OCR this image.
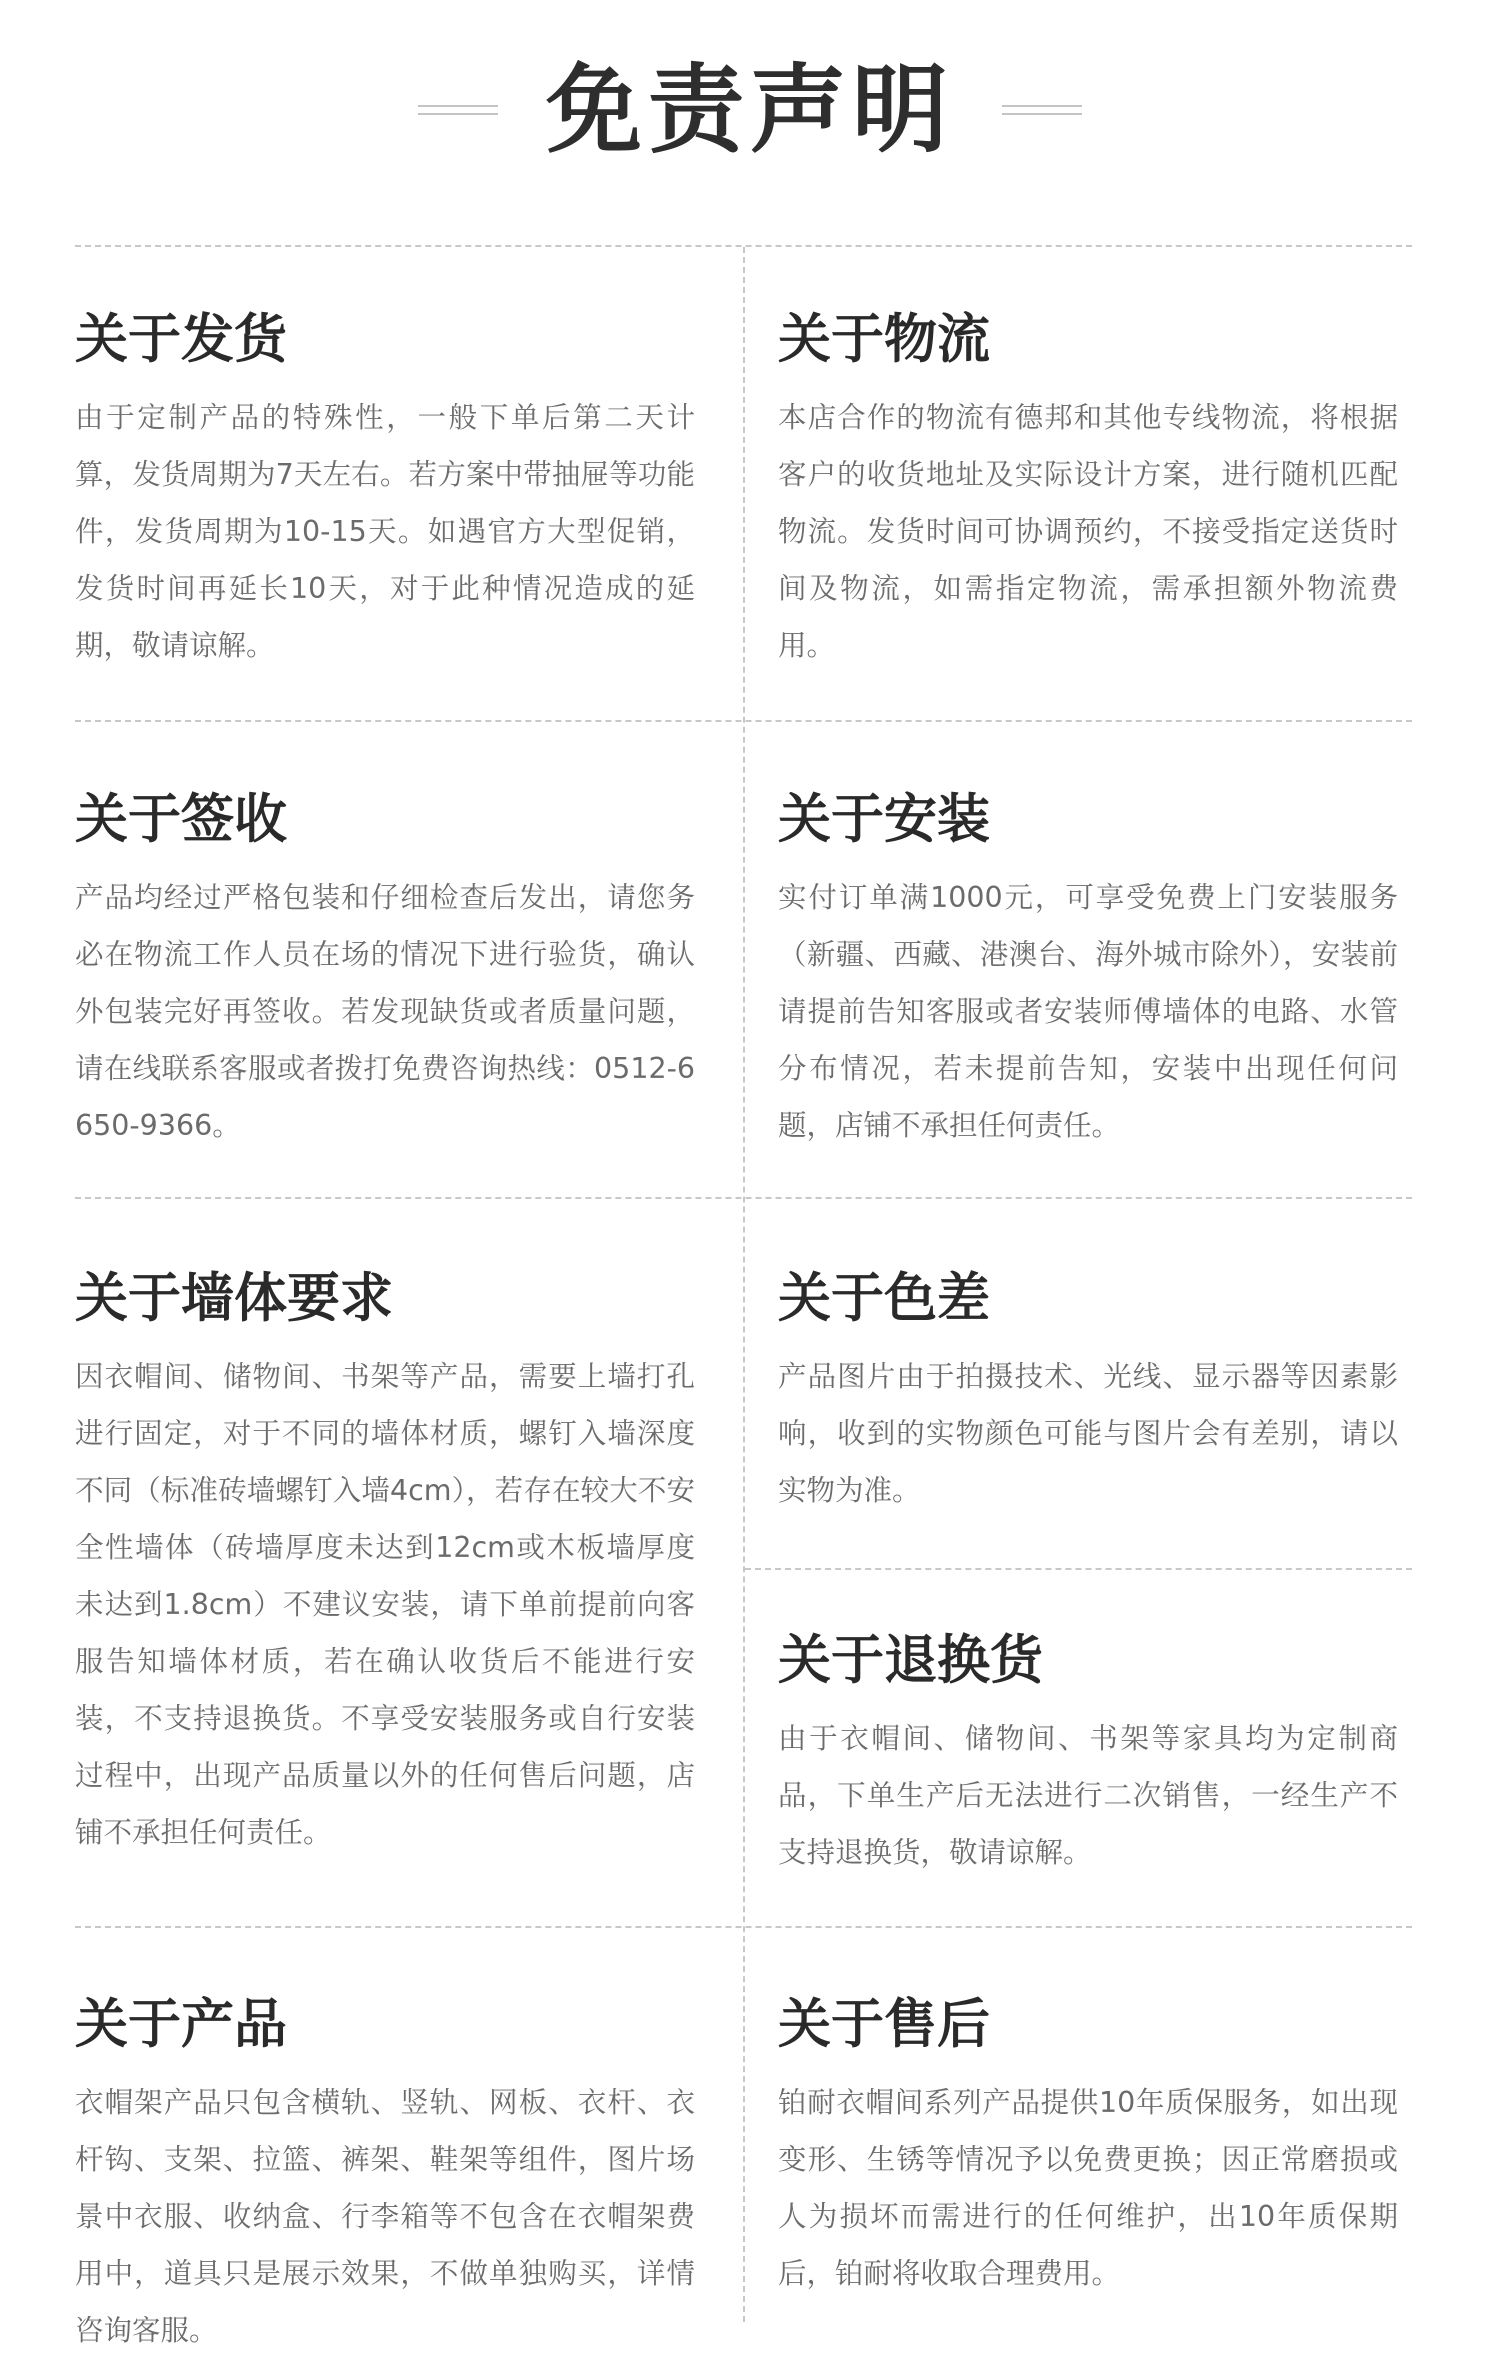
免责声明
关于发货

由于定制产品的特殊性，一般下单后第二天计算，发货周期为7天左右。若方案中带抽屉等功能件，发货周期为10-15天。如遇官方大型促销，发货时间再延长10天，对于此种情况造成的延期，敬请谅解。

关于物流

本店合作的物流有德邦和其他专线物流，将根据客户的收货地址及实际设计方案，进行随机匹配物流。发货时间可协调预约，不接受指定送货时间及物流，如需指定物流，需承担额外物流费用。

关于签收

产品均经过严格包装和仔细检查后发出，请您务必在物流工作人员在场的情况下进行验货，确认外包装完好再签收。若发现缺货或者质量问题，请在线联系客服或者拨打免费咨询热线：0512-6650-9366。

关于安装

实付订单满1000元，可享受免费上门安装服务（新疆、西藏、港澳台、海外城市除外），安装前请提前告知客服或者安装师傅墙体的电路、水管分布情况，若未提前告知，安装中出现任何问题，店铺不承担任何责任。

关于墙体要求

因衣帽间、储物间、书架等产品，需要上墙打孔进行固定，对于不同的墙体材质，螺钉入墙深度不同（标准砖墙螺钉入墙4cm），若存在较大不安全性墙体（砖墙厚度未达到12cm或木板墙厚度未达到1.8cm）不建议安装，请下单前提前向客服告知墙体材质，若在确认收货后不能进行安装，不支持退换货。不享受安装服务或自行安装过程中，出现产品质量以外的任何售后问题，店铺不承担任何责任。

关于色差

产品图片由于拍摄技术、光线、显示器等因素影响，收到的实物颜色可能与图片会有差别，请以实物为准。

关于退换货

由于衣帽间、储物间、书架等家具均为定制商品，下单生产后无法进行二次销售，一经生产不支持退换货，敬请谅解。

关于产品

衣帽架产品只包含横轨、竖轨、网板、衣杆、衣杆钩、支架、拉篮、裤架、鞋架等组件，图片场景中衣服、收纳盒、行李箱等不包含在衣帽架费用中，道具只是展示效果，不做单独购买，详情咨询客服。

关于售后

铂耐衣帽间系列产品提供10年质保服务，如出现变形、生锈等情况予以免费更换；因正常磨损或人为损坏而需进行的任何维护，出10年质保期后，铂耐将收取合理费用。
